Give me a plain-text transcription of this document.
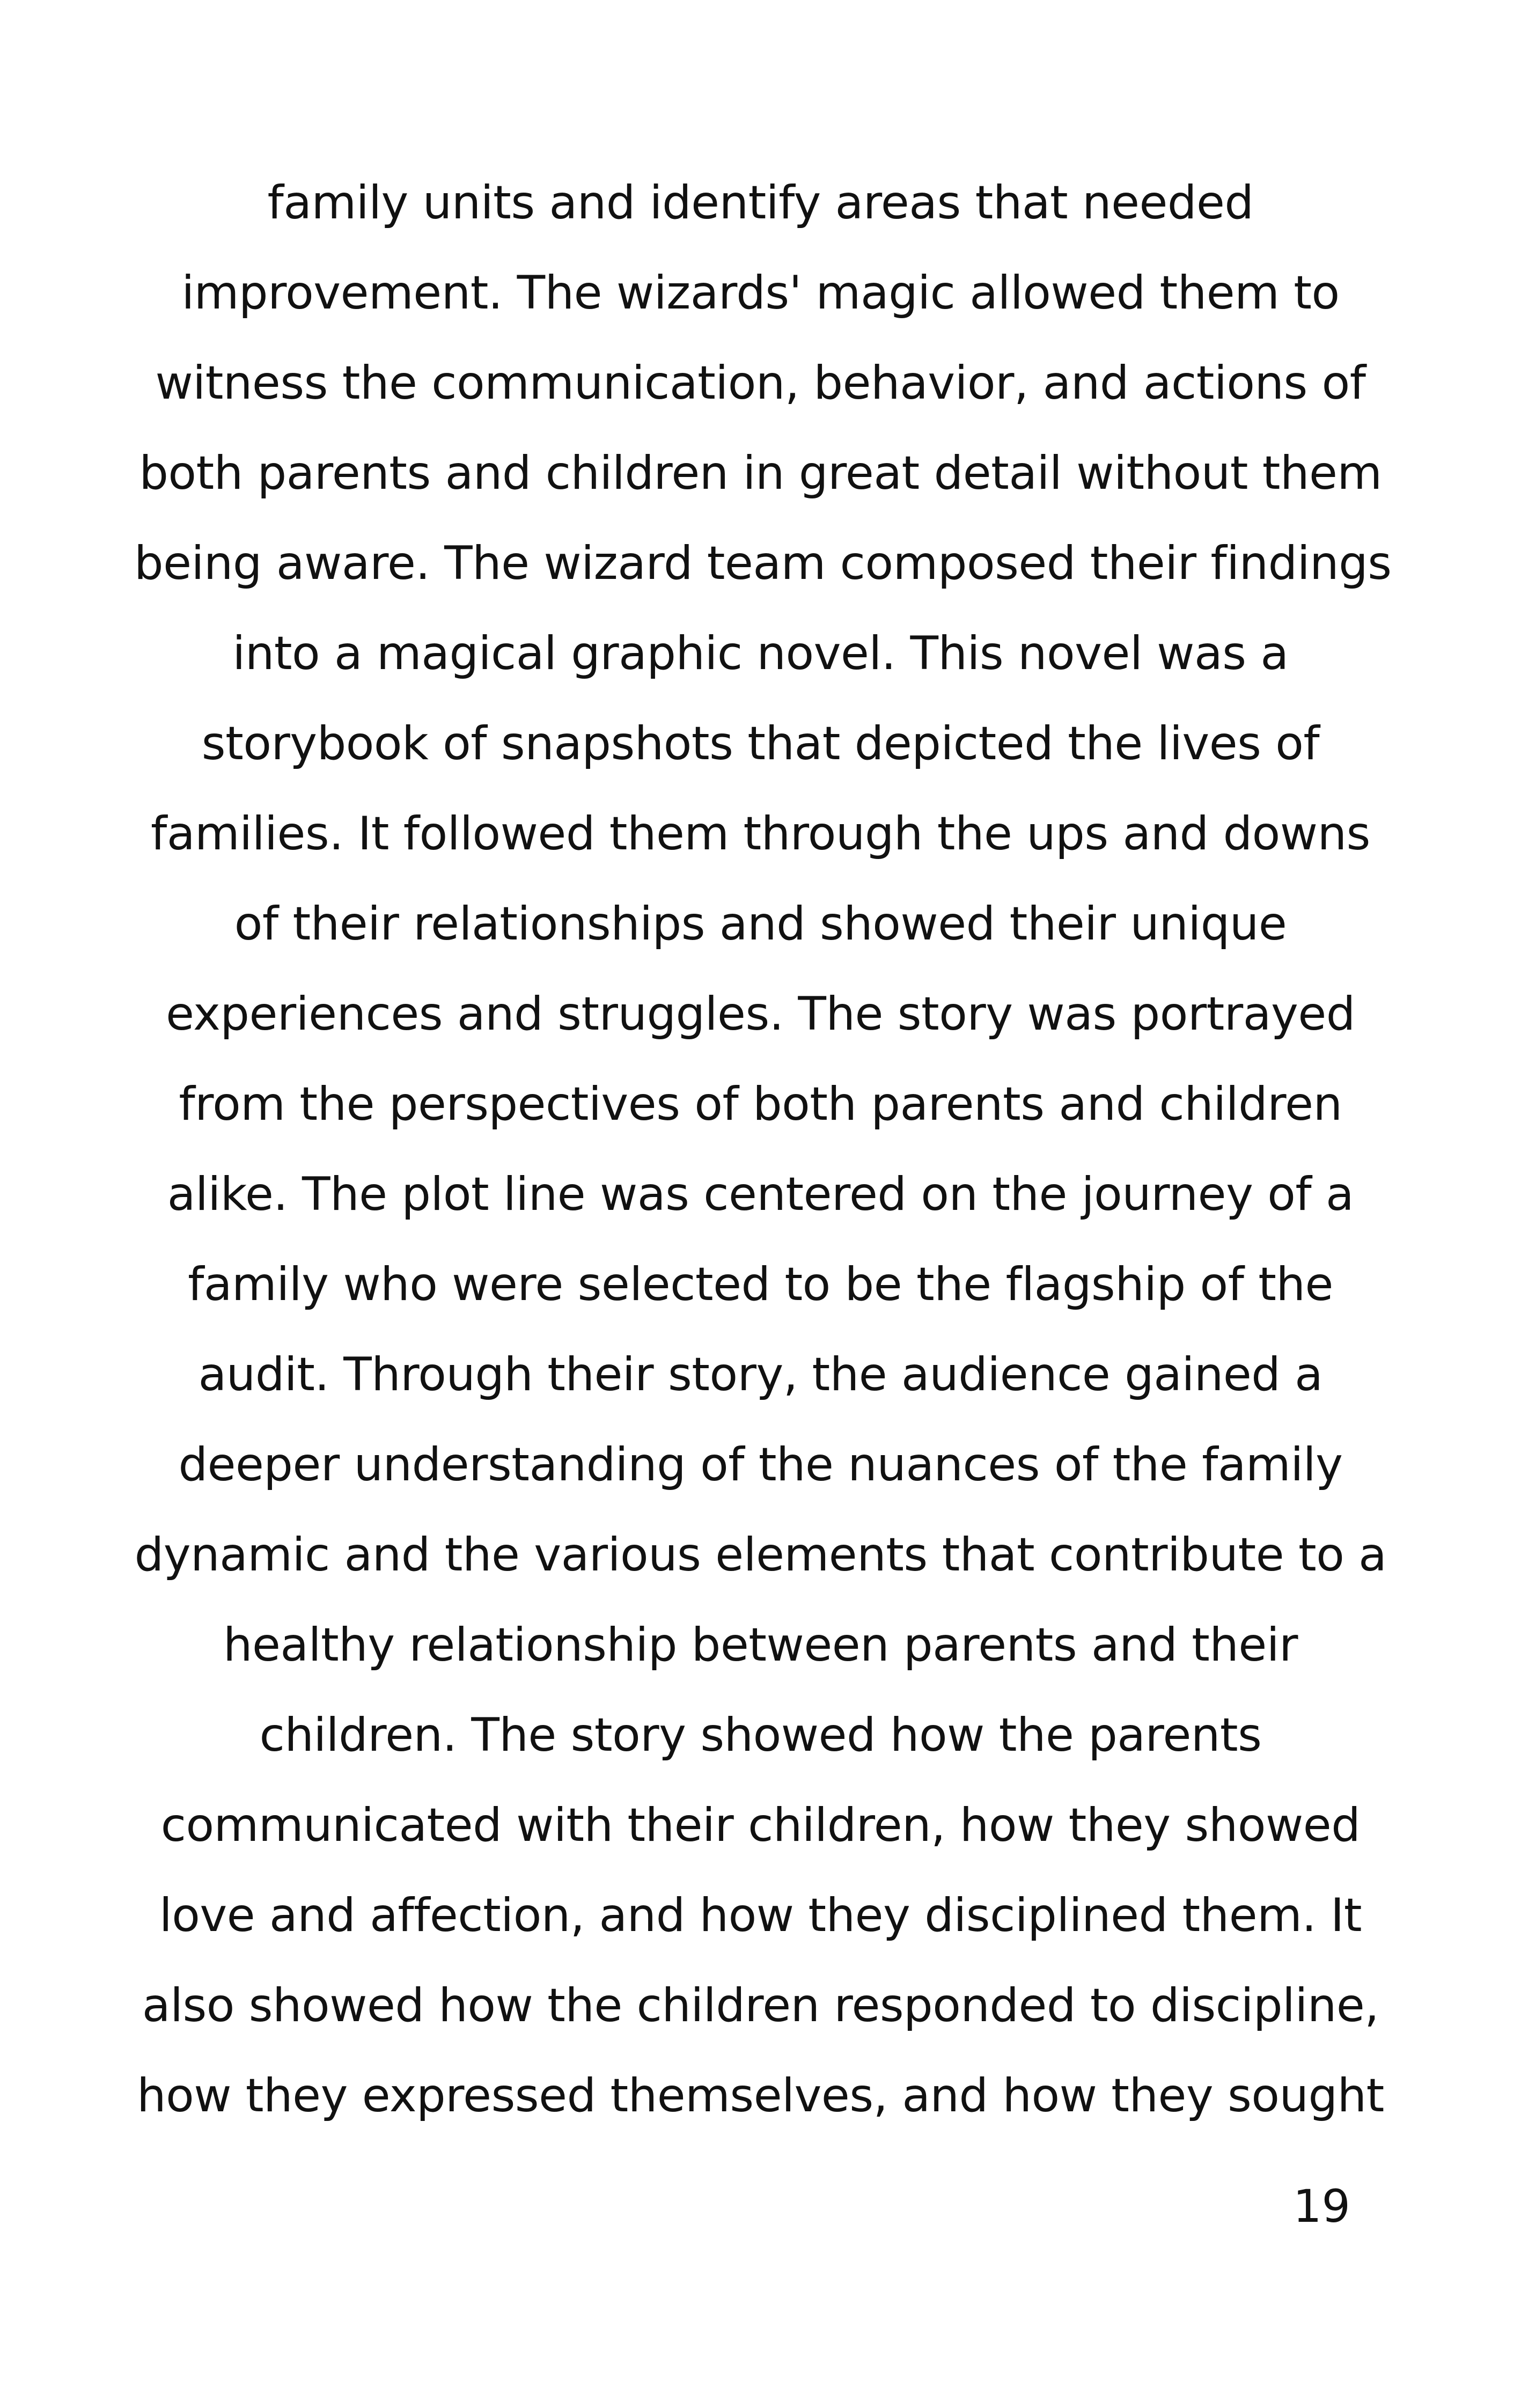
family units and identify areas that needed
improvement. The wizards' magic allowed them to
witness the communication, behavior, and actions of
both parents and children in great detail without them
being aware. The wizard team composed their findings
into a magical graphic novel. This novel was a
storybook of snapshots that depicted the lives of
families. It followed them through the ups and downs
of their relationships and showed their unique
experiences and struggles. The story was portrayed
from the perspectives of both parents and children
alike. The plot line was centered on the journey of a
family who were selected to be the flagship of the
audit. Through their story, the audience gained a
deeper understanding of the nuances of the family
dynamic and the various elements that contribute to a
healthy relationship between parents and their
children. The story showed how the parents
communicated with their children, how they showed
love and affection, and how they disciplined them. It
also showed how the children responded to discipline,
how they expressed themselves, and how they sought

19
